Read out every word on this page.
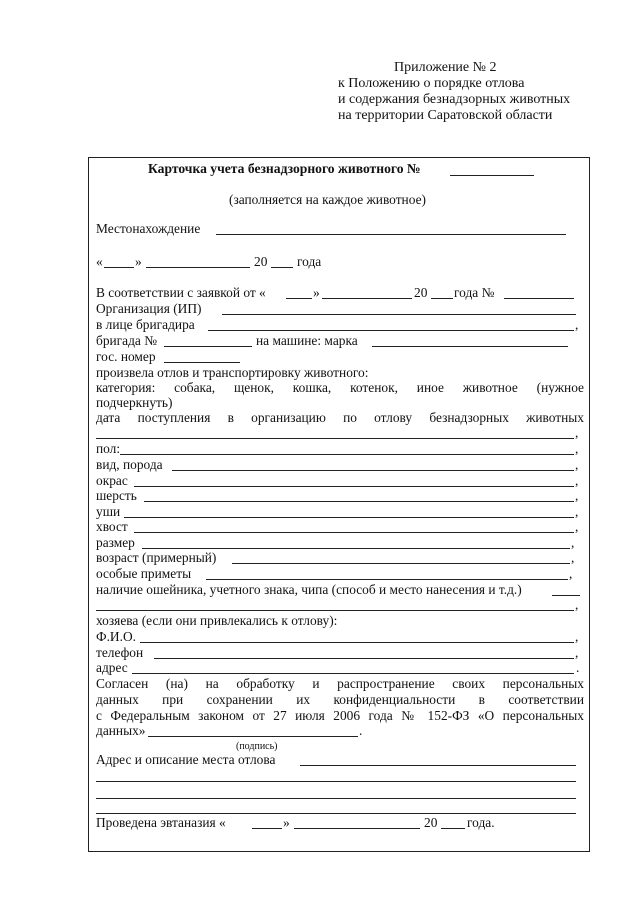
Приложение № 2
к Положению о порядке отлова
и содержания безнадзорных животных
на территории Саратовской области
Карточка учета безнадзорного животного №
(заполняется на каждое животное)
Местонахождение
« »	20 года
В соответствии с заявкой от «	»	20 года №
Организация (ИП)
в лице бригадира	,
бригада №	на машине: марка
гос. номер
произвела отлов и транспортировку животного:
категория: собака, щенок, кошка, котенок, иное животное (нужное
подчеркнуть)
дата поступления в организацию по отлову безнадзорных животных
,
пол:	,
вид, порода	,
окрас	,
шерсть	,
уши	,
хвост	,
размер	,
возраст (примерный)	,
особые приметы	,
наличие ошейника, учетного знака, чипа (способ и место нанесения и т.д.)
,
хозяева (если они привлекались к отлову):
Ф.И.О.	,
телефон	,
адрес	.
Согласен (на) на обработку и распространение своих персональных
данных при сохранении их конфиденциальности в соответствии
с Федеральным законом от 27 июля 2006 года № 152-ФЗ «О персональных
данных»	.
(подпись)
Адрес и описание места отлова
Проведена эвтаназия «	»	20 года.
